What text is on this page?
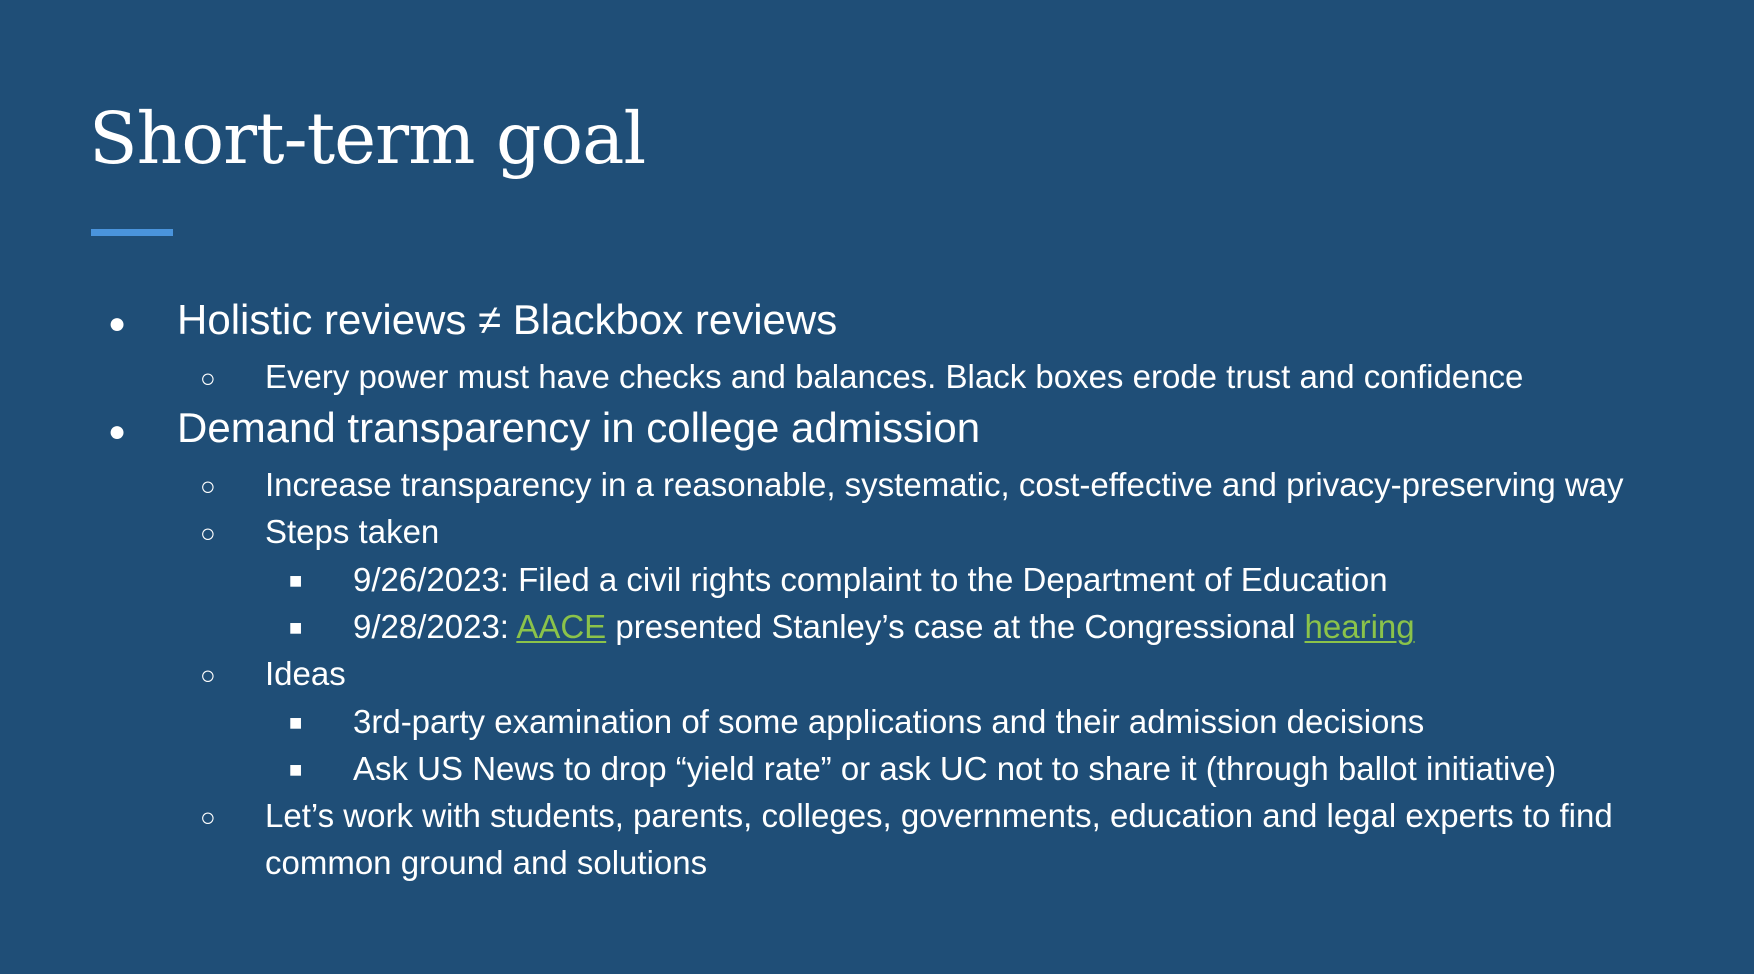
Short-term goal
● Holistic reviews ≠ Blackbox reviews
○ Every power must have checks and balances. Black boxes erode trust and confidence
● Demand transparency in college admission
○ Increase transparency in a reasonable, systematic, cost-effective and privacy-preserving way
○ Steps taken
■ 9/26/2023: Filed a civil rights complaint to the Department of Education
■ 9/28/2023: AACE presented Stanley’s case at the Congressional hearing
○ Ideas
■ 3rd-party examination of some applications and their admission decisions
■ Ask US News to drop “yield rate” or ask UC not to share it (through ballot initiative)
○ Let’s work with students, parents, colleges, governments, education and legal experts to find
common ground and solutions
